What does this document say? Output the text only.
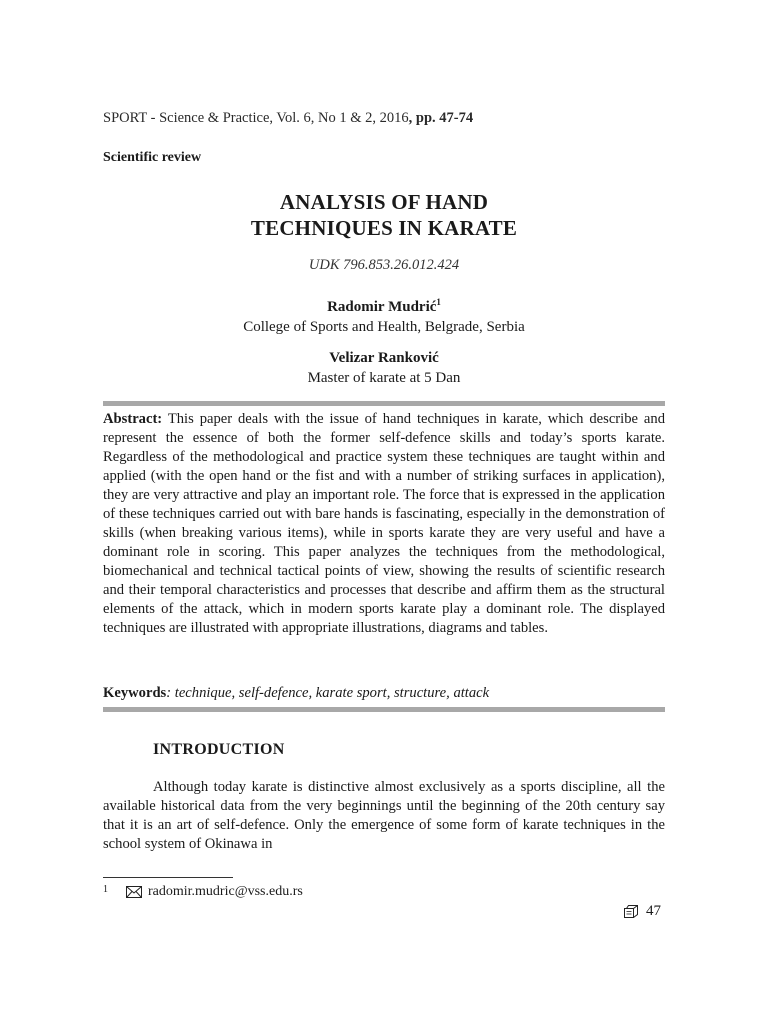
SPORT - Science & Practice, Vol. 6, No 1 & 2, 2016, pp. 47-74
Scientific review
ANALYSIS OF HAND
TECHNIQUES IN KARATE
UDK 796.853.26.012.424
Radomir Mudrić$^1$
College of Sports and Health, Belgrade, Serbia
Velizar Ranković
Master of karate at 5 Dan
Abstract: This paper deals with the issue of hand techniques in karate, which describe and represent the essence of both the former self-defence skills and today’s sports karate. Regardless of the methodological and practice system these techniques are taught within and applied (with the open hand or the fist and with a number of striking surfaces in application), they are very attractive and play an important role. The force that is expressed in the application of these techniques carried out with bare hands is fascinating, especially in the demonstration of skills (when breaking various items), while in sports karate they are very useful and have a dominant role in scoring. This paper analyzes the techniques from the methodological, biomechanical and technical tactical points of view, showing the results of scientific research and their temporal characteristics and processes that describe and affirm them as the structural elements of the attack, which in modern sports karate play a dominant role. The displayed techniques are illustrated with appropriate illustrations, diagrams and tables.
Keywords: technique, self-defence, karate sport, structure, attack
INTRODUCTION
Although today karate is distinctive almost exclusively as a sports discipline, all the available historical data from the very beginnings until the beginning of the 20th century say that it is an art of self-defence. Only the emergence of some form of karate techniques in the school system of Okinawa in
1	radomir.mudric@vss.edu.rs
47
